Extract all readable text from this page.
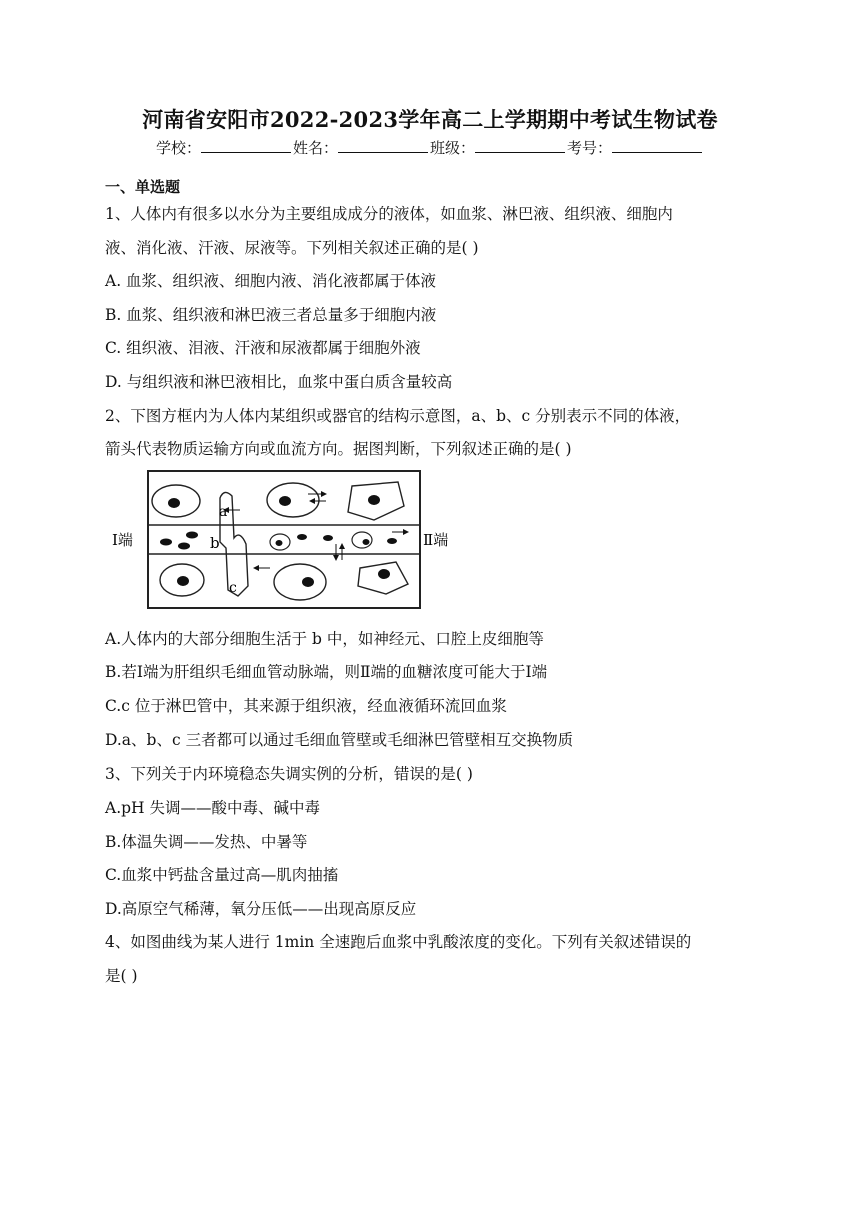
河南省安阳市2022-2023学年高二上学期期中考试生物试卷
学校：	姓名：	班级：	考号：
一、单选题
1、人体内有很多以水分为主要组成成分的液体，如血浆、淋巴液、组织液、细胞内
液、消化液、汗液、尿液等。下列相关叙述正确的是( )
A. 血浆、组织液、细胞内液、消化液都属于体液
B. 血浆、组织液和淋巴液三者总量多于细胞内液
C. 组织液、泪液、汗液和尿液都属于细胞外液
D. 与组织液和淋巴液相比，血浆中蛋白质含量较高
2、下图方框内为人体内某组织或器官的结构示意图，a、b、c 分别表示不同的体液，
箭头代表物质运输方向或血流方向。据图判断，下列叙述正确的是( )
a
b
c
Ⅰ端	Ⅱ端
A.人体内的大部分细胞生活于 b 中，如神经元、口腔上皮细胞等
B.若Ⅰ端为肝组织毛细血管动脉端，则Ⅱ端的血糖浓度可能大于Ⅰ端
C.c 位于淋巴管中，其来源于组织液，经血液循环流回血浆
D.a、b、c 三者都可以通过毛细血管壁或毛细淋巴管壁相互交换物质
3、下列关于内环境稳态失调实例的分析，错误的是( )
A.pH 失调——酸中毒、碱中毒
B.体温失调——发热、中暑等
C.血浆中钙盐含量过高—肌肉抽搐
D.高原空气稀薄，氧分压低——出现高原反应
4、如图曲线为某人进行 1min 全速跑后血浆中乳酸浓度的变化。下列有关叙述错误的
是( )
